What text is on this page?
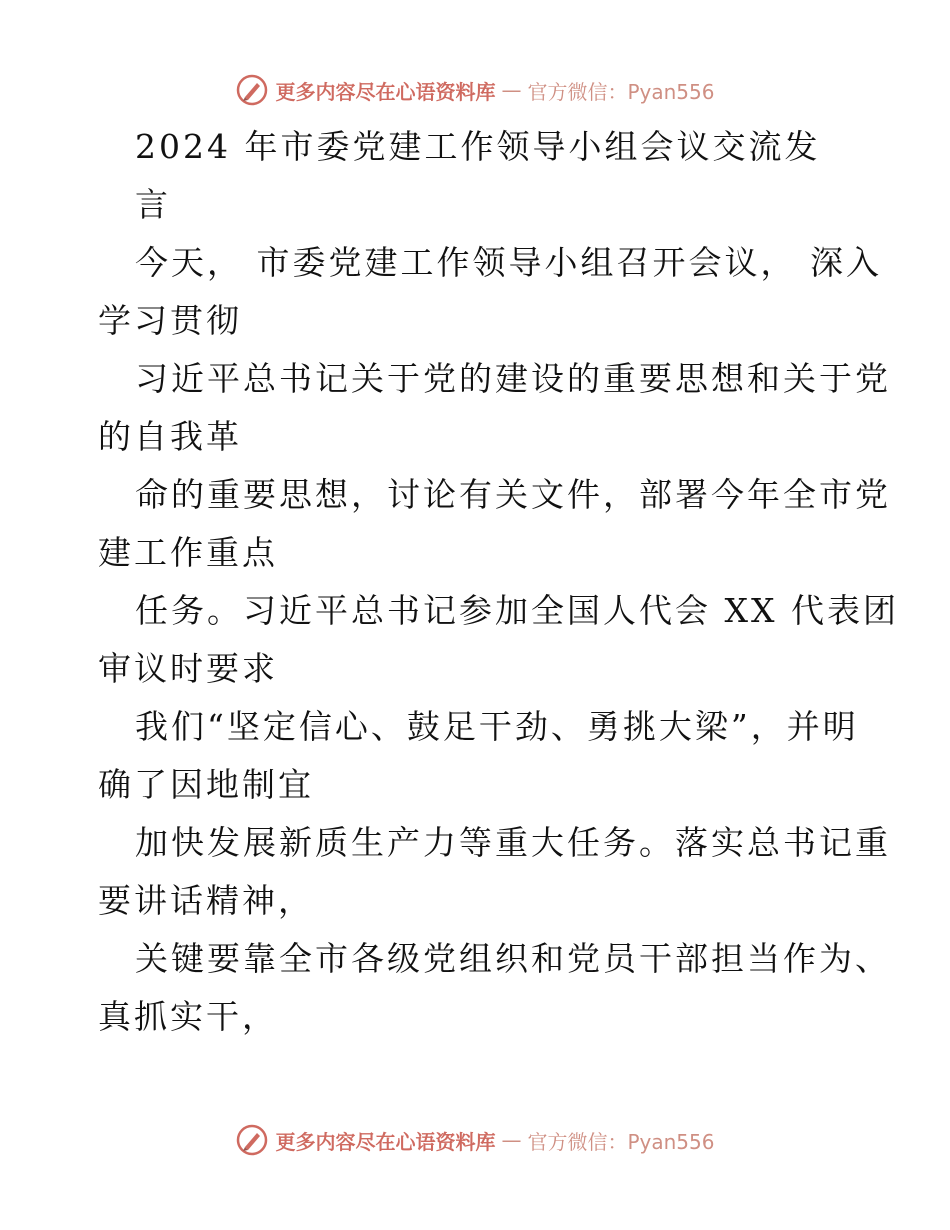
更多内容尽在心语资料库 — 官方微信：Pyan556
2024 年市委党建工作领导小组会议交流发
言
今天， 市委党建工作领导小组召开会议， 深入
学习贯彻
习近平总书记关于党的建设的重要思想和关于党
的自我革
命的重要思想，讨论有关文件，部署今年全市党
建工作重点
任务。习近平总书记参加全国人代会 XX 代表团
审议时要求
我们“坚定信心、鼓足干劲、勇挑大梁”，并明
确了因地制宜
加快发展新质生产力等重大任务。落实总书记重
要讲话精神，
关键要靠全市各级党组织和党员干部担当作为、
真抓实干，
更多内容尽在心语资料库 — 官方微信：Pyan556
